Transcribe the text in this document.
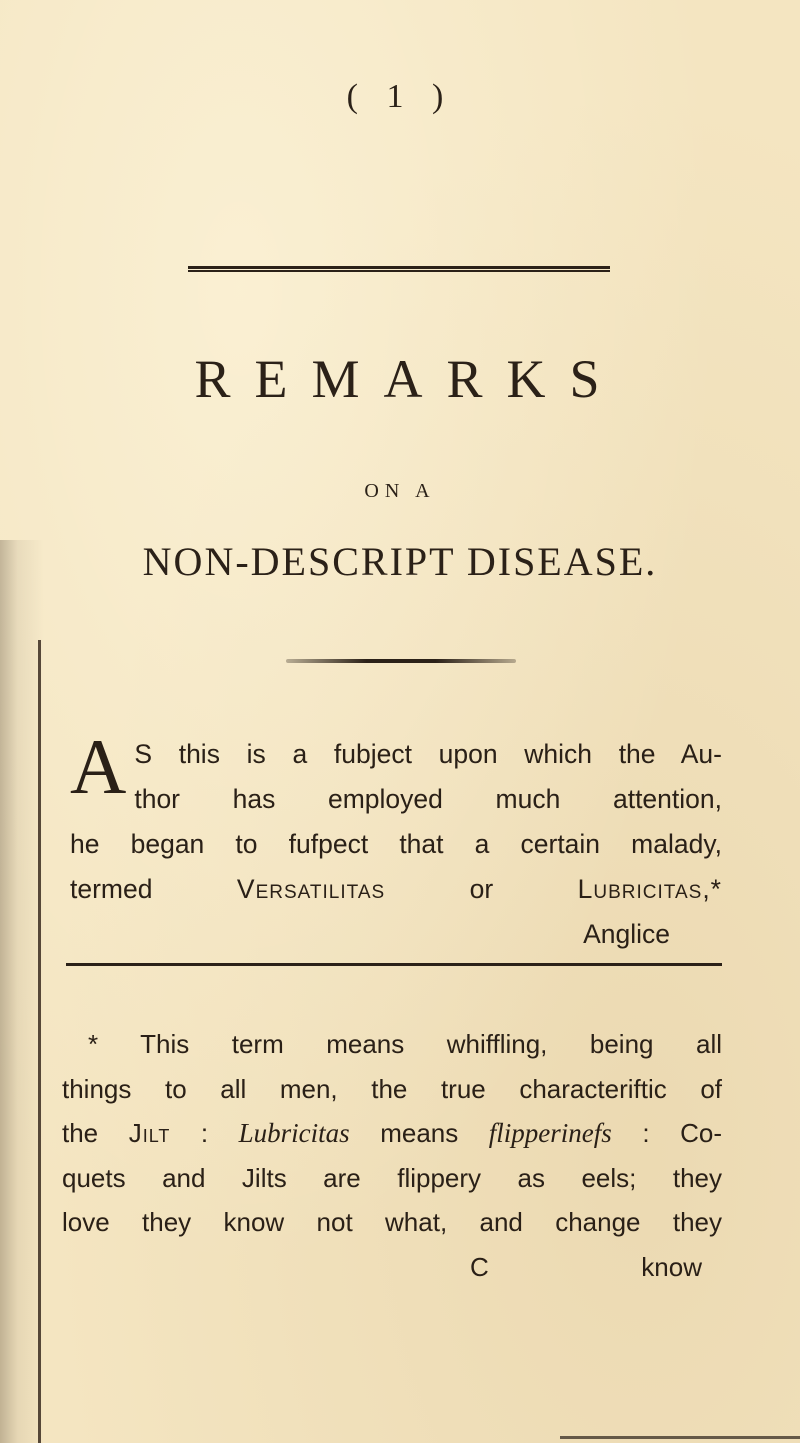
( 1 )
REMARKS
ON A
NON-DESCRIPT DISEASE.
A S this is a fubject upon which the Au-
thor has employed much attention,
he began to fufpect that a certain malady,
termed Versatilitas or Lubricitas,*
Anglice
* This term means whiffling, being all
things to all men, the true characteriftic of
the Jilt : Lubricitas means flipperinefs : Co-
quets and Jilts are flippery as eels; they
love they know not what, and change they
C	know
